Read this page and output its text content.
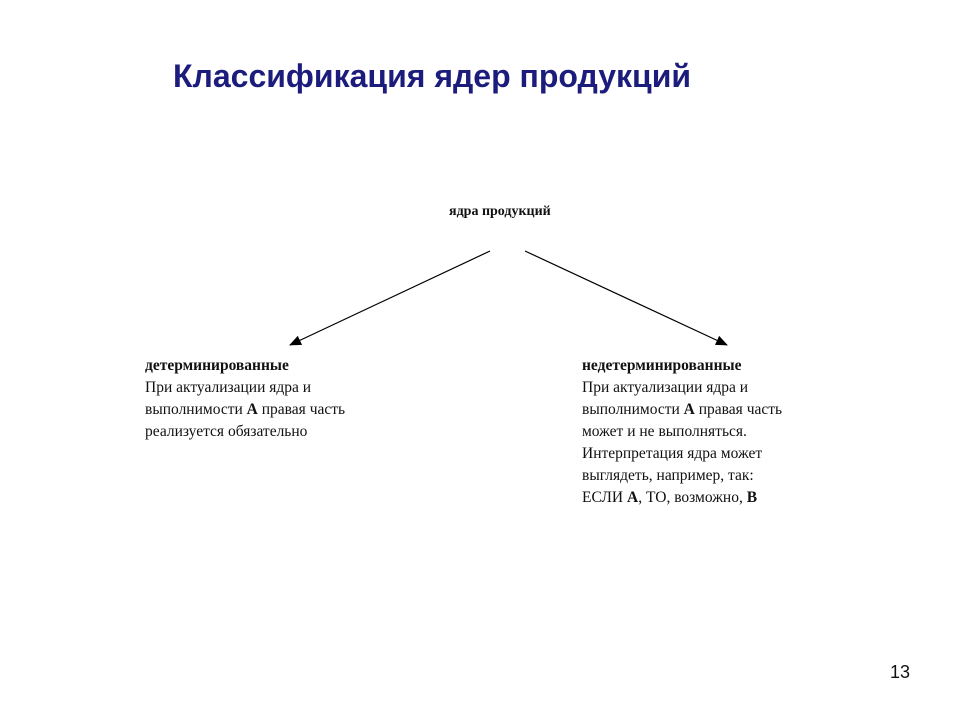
Классификация ядер продукций
ядра продукций
детерминированные
При актуализации ядра и
выполнимости А правая часть
реализуется обязательно
недетерминированные
При актуализации ядра и
выполнимости А правая часть
может и не выполняться.
Интерпретация ядра может
выглядеть, например, так:
ЕСЛИ А, ТО, возможно, В
13
